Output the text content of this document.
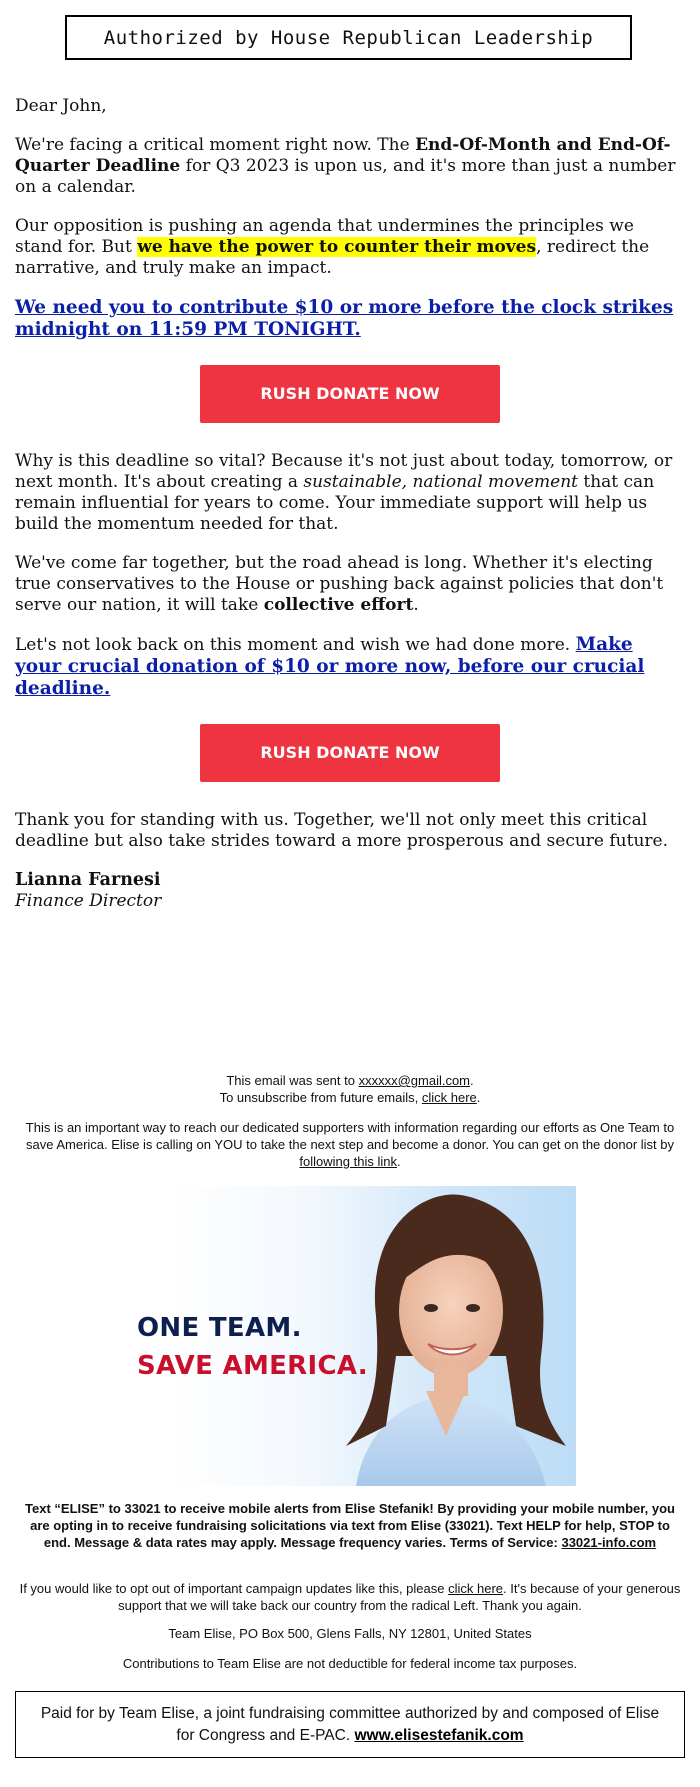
Authorized by House Republican Leadership

Dear John,

We're facing a critical moment right now. The End-Of-Month and End-Of-Quarter Deadline for Q3 2023 is upon us, and it's more than just a number on a calendar.

Our opposition is pushing an agenda that undermines the principles we stand for. But we have the power to counter their moves, redirect the narrative, and truly make an impact.

We need you to contribute $10 or more before the clock strikes midnight on 11:59 PM TONIGHT.

RUSH DONATE NOW

Why is this deadline so vital? Because it's not just about today, tomorrow, or next month. It's about creating a sustainable, national movement that can remain influential for years to come. Your immediate support will help us build the momentum needed for that.

We've come far together, but the road ahead is long. Whether it's electing true conservatives to the House or pushing back against policies that don't serve our nation, it will take collective effort.

Let's not look back on this moment and wish we had done more. Make your crucial donation of $10 or more now, before our crucial deadline.

RUSH DONATE NOW

Thank you for standing with us. Together, we'll not only meet this critical deadline but also take strides toward a more prosperous and secure future.

Lianna Farnesi
Finance Director

This email was sent to xxxxxx@gmail.com.

To unsubscribe from future emails, click here.

This is an important way to reach our dedicated supporters with information regarding our efforts as One Team to save America. Elise is calling on YOU to take the next step and become a donor. You can get on the donor list by following this link.

ONE TEAM.
SAVE AMERICA.
Text “ELISE” to 33021 to receive mobile alerts from Elise Stefanik! By providing your mobile number, you are opting in to receive fundraising solicitations via text from Elise (33021). Text HELP for help, STOP to end. Message & data rates may apply. Message frequency varies. Terms of Service: 33021-info.com
If you would like to opt out of important campaign updates like this, please click here. It's because of your generous support that we will take back our country from the radical Left. Thank you again.
Team Elise, PO Box 500, Glens Falls, NY 12801, United States
Contributions to Team Elise are not deductible for federal income tax purposes.
Paid for by Team Elise, a joint fundraising committee authorized by and composed of Elise for Congress and E-PAC. www.elisestefanik.com
